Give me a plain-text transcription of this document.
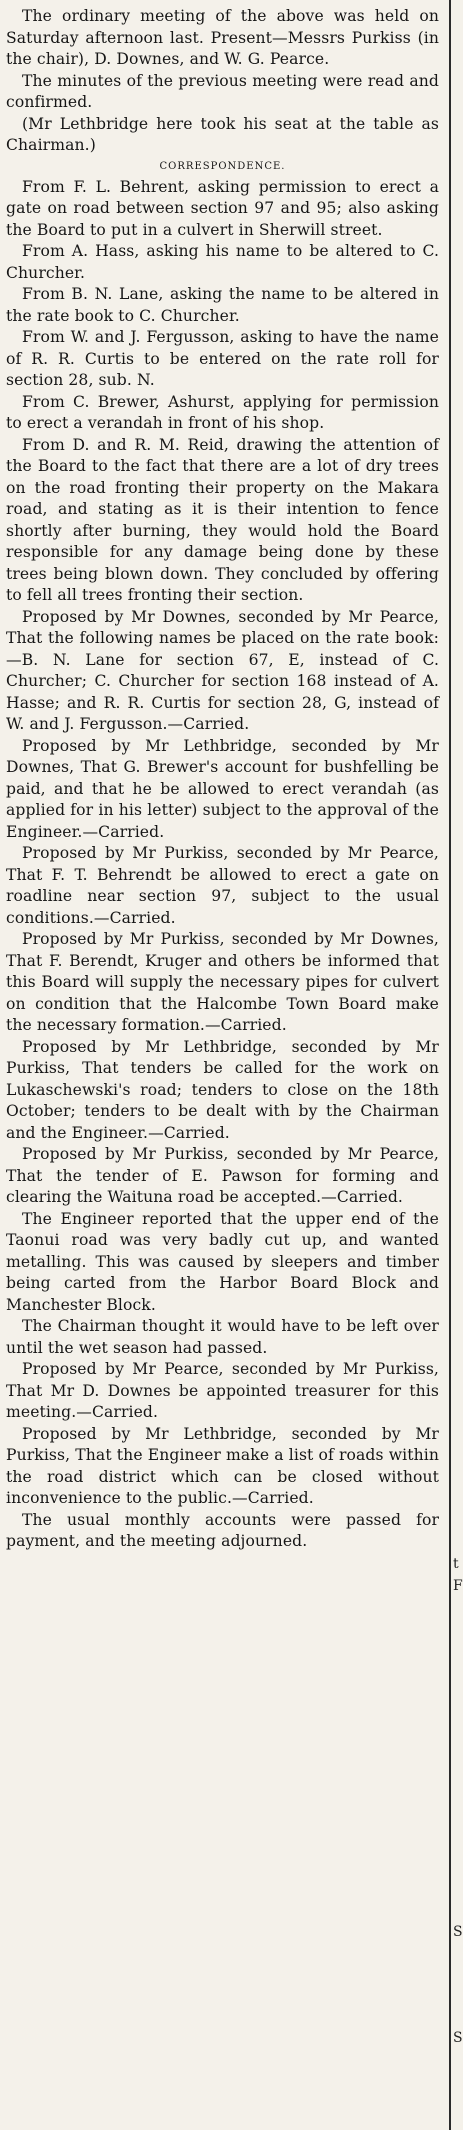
The ordinary meeting of the above was held on Saturday afternoon last. Present—Messrs Purkiss (in the chair), D. Downes, and W. G. Pearce.

The minutes of the previous meeting were read and confirmed.

(Mr Lethbridge here took his seat at the table as Chairman.)

CORRESPONDENCE.

From F. L. Behrent, asking permission to erect a gate on road between section 97 and 95; also asking the Board to put in a culvert in Sherwill street.

From A. Hass, asking his name to be altered to C. Churcher.

From B. N. Lane, asking the name to be altered in the rate book to C. Churcher.

From W. and J. Fergusson, asking to have the name of R. R. Curtis to be entered on the rate roll for section 28, sub. N.

From C. Brewer, Ashurst, applying for permission to erect a verandah in front of his shop.

From D. and R. M. Reid, drawing the attention of the Board to the fact that there are a lot of dry trees on the road fronting their property on the Makara road, and stating as it is their intention to fence shortly after burning, they would hold the Board responsible for any damage being done by these trees being blown down. They concluded by offering to fell all trees fronting their section.

Proposed by Mr Downes, seconded by Mr Pearce, That the following names be placed on the rate book:—B. N. Lane for section 67, E, instead of C. Churcher; C. Churcher for section 168 instead of A. Hasse; and R. R. Curtis for section 28, G, instead of W. and J. Fergusson.—Carried.

Proposed by Mr Lethbridge, seconded by Mr Downes, That G. Brewer's account for bushfelling be paid, and that he be allowed to erect verandah (as applied for in his letter) subject to the approval of the Engineer.—Carried.

Proposed by Mr Purkiss, seconded by Mr Pearce, That F. T. Behrendt be allowed to erect a gate on roadline near section 97, subject to the usual conditions.—Carried.

Proposed by Mr Purkiss, seconded by Mr Downes, That F. Berendt, Kruger and others be informed that this Board will supply the necessary pipes for culvert on condition that the Halcombe Town Board make the necessary formation.—Carried.

Proposed by Mr Lethbridge, seconded by Mr Purkiss, That tenders be called for the work on Lukaschewski's road; tenders to close on the 18th October; tenders to be dealt with by the Chairman and the Engineer.—Carried.

Proposed by Mr Purkiss, seconded by Mr Pearce, That the tender of E. Pawson for forming and clearing the Waituna road be accepted.—Carried.

The Engineer reported that the upper end of the Taonui road was very badly cut up, and wanted metalling. This was caused by sleepers and timber being carted from the Harbor Board Block and Manchester Block.

The Chairman thought it would have to be left over until the wet season had passed.

Proposed by Mr Pearce, seconded by Mr Purkiss, That Mr D. Downes be appointed treasurer for this meeting.—Carried.

Proposed by Mr Lethbridge, seconded by Mr Purkiss, That the Engineer make a list of roads within the road district which can be closed without inconvenience to the public.—Carried.

The usual monthly accounts were passed for payment, and the meeting adjourned.

t
F
S
S
